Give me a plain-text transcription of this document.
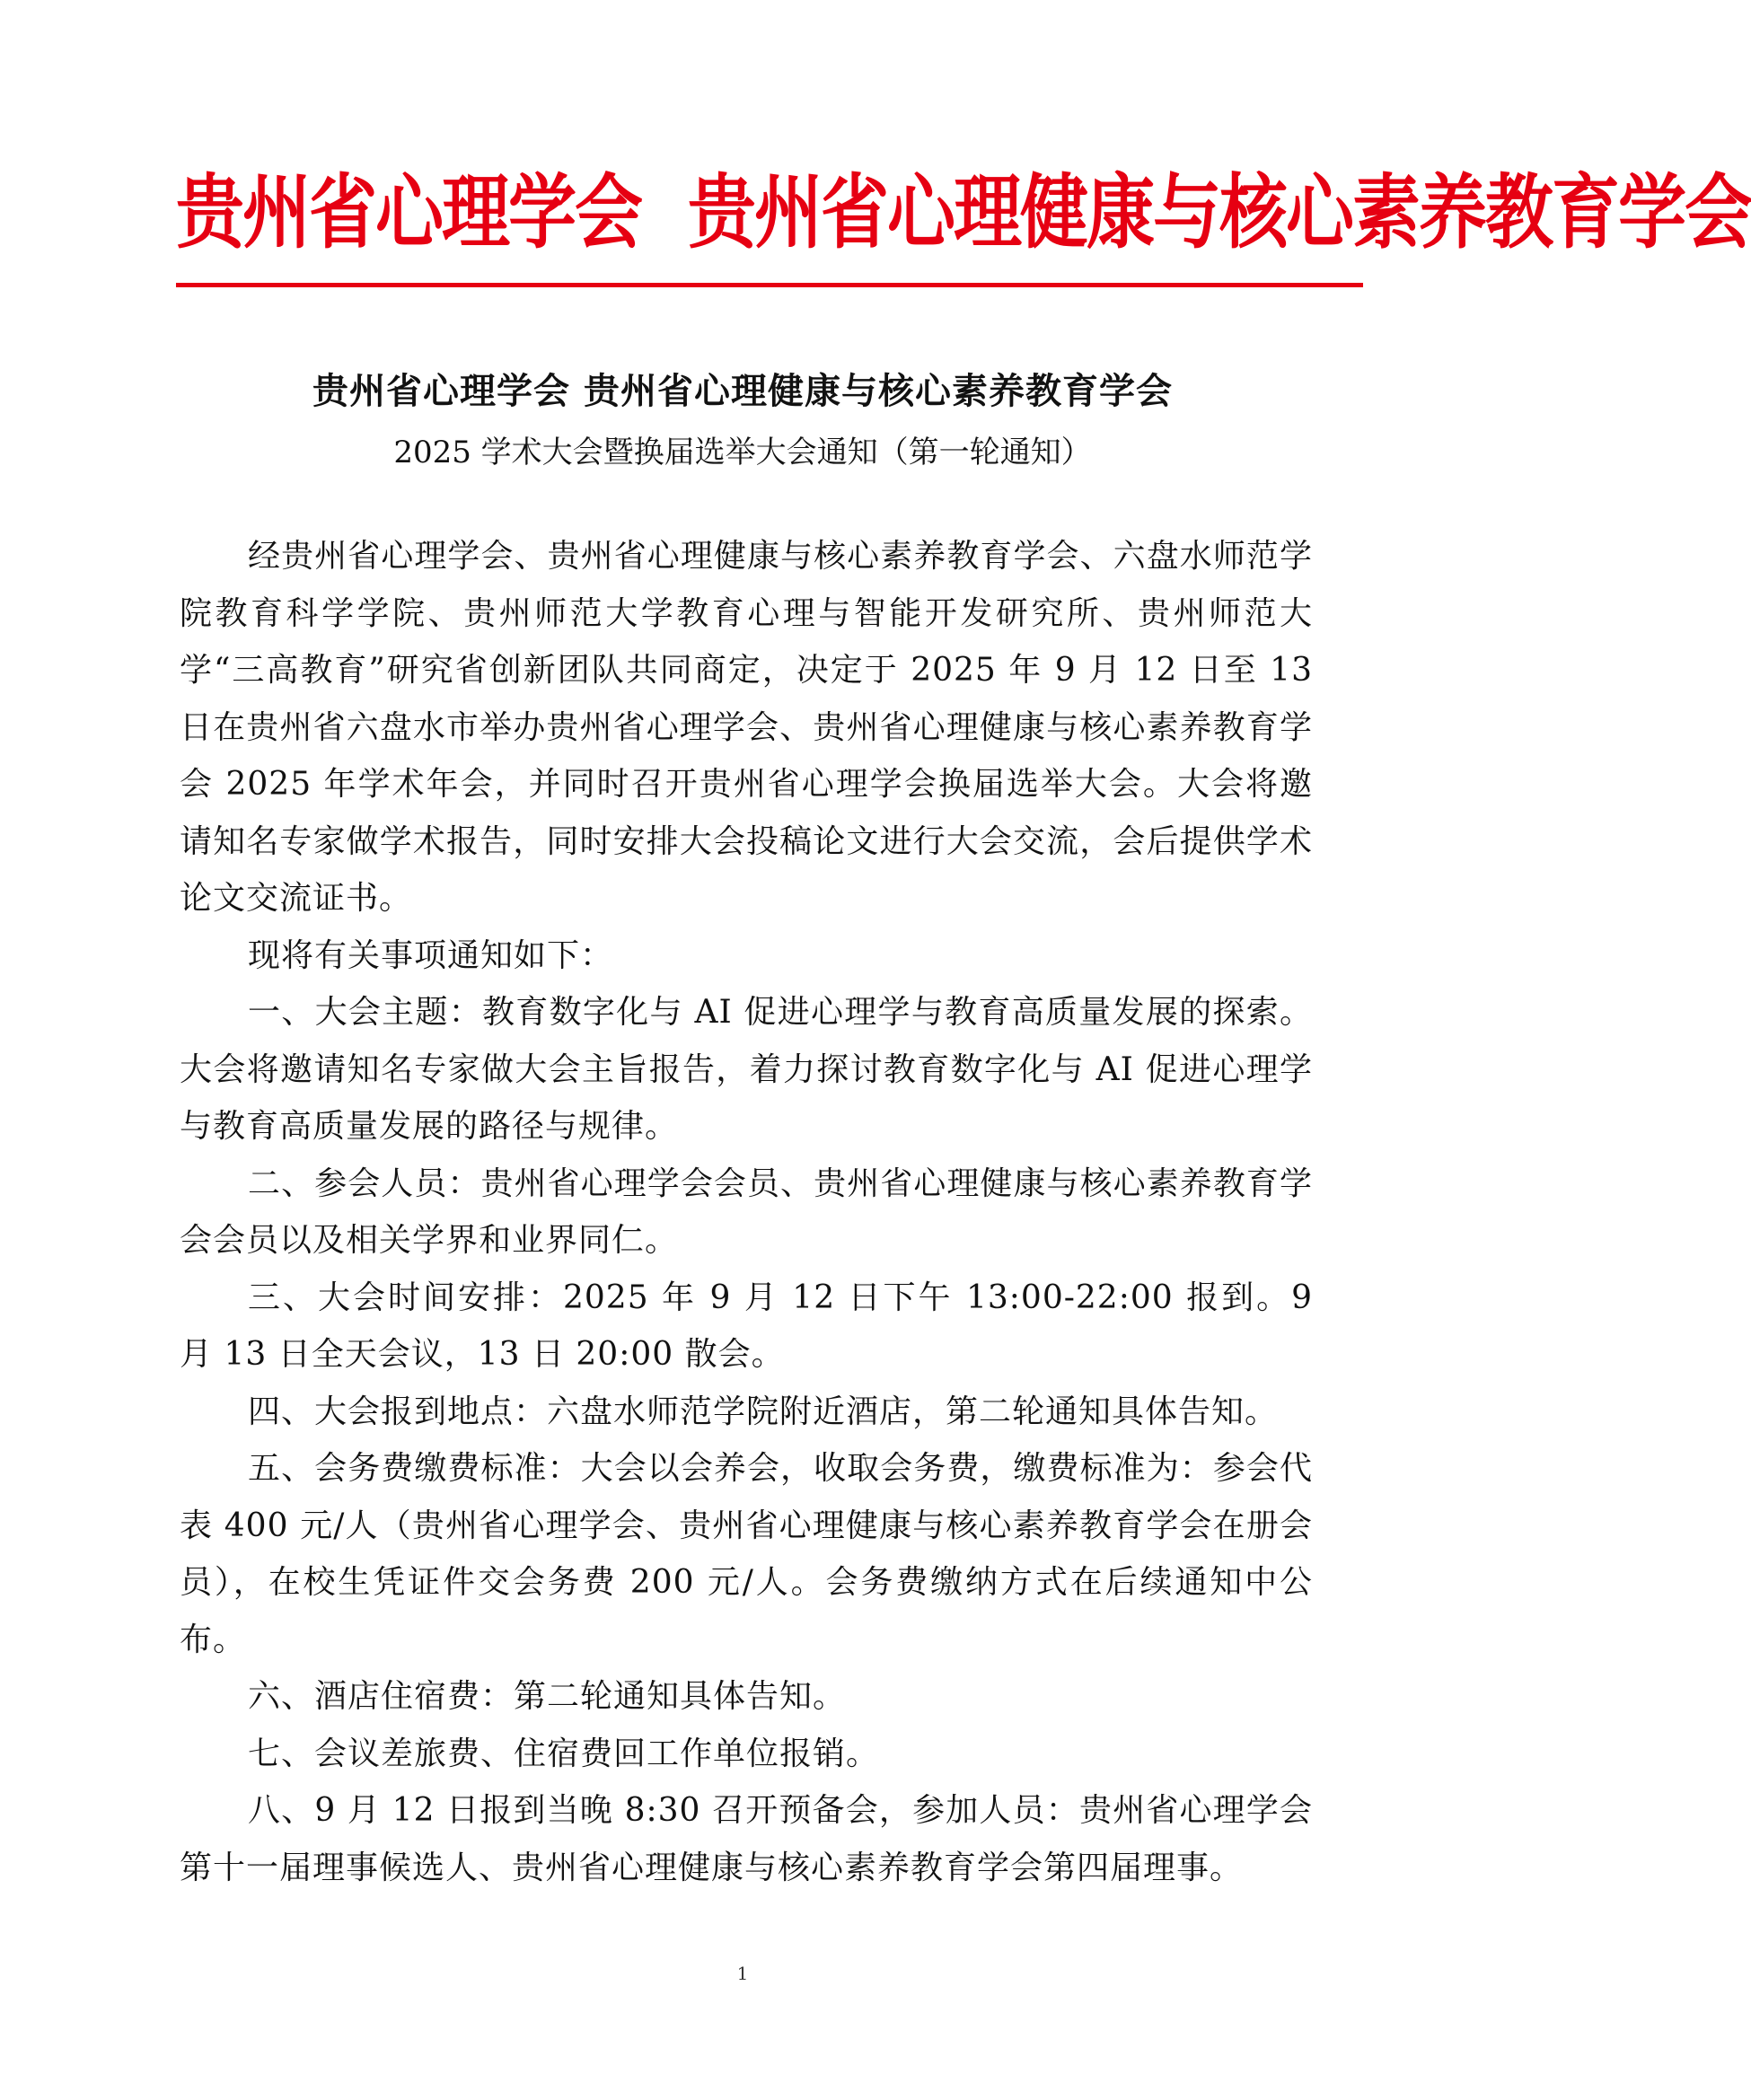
贵州省心理学会 贵州省心理健康与核心素养教育学会
贵州省心理学会 贵州省心理健康与核心素养教育学会
2025 学术大会暨换届选举大会通知（第一轮通知）

经贵州省心理学会、贵州省心理健康与核心素养教育学会、六盘水师范学院教育科学学院、贵州师范大学教育心理与智能开发研究所、贵州师范大学“三高教育”研究省创新团队共同商定，决定于 2025 年 9 月 12 日至 13 日在贵州省六盘水市举办贵州省心理学会、贵州省心理健康与核心素养教育学会 2025 年学术年会，并同时召开贵州省心理学会换届选举大会。大会将邀请知名专家做学术报告，同时安排大会投稿论文进行大会交流，会后提供学术论文交流证书。

现将有关事项通知如下：

一、大会主题：教育数字化与 AI 促进心理学与教育高质量发展的探索。大会将邀请知名专家做大会主旨报告，着力探讨教育数字化与 AI 促进心理学与教育高质量发展的路径与规律。

二、参会人员：贵州省心理学会会员、贵州省心理健康与核心素养教育学会会员以及相关学界和业界同仁。

三、大会时间安排：2025 年 9 月 12 日下午 13:00-22:00 报到。9 月 13 日全天会议，13 日 20:00 散会。

四、大会报到地点：六盘水师范学院附近酒店，第二轮通知具体告知。

五、会务费缴费标准：大会以会养会，收取会务费，缴费标准为：参会代表 400 元/人（贵州省心理学会、贵州省心理健康与核心素养教育学会在册会员），在校生凭证件交会务费 200 元/人。会务费缴纳方式在后续通知中公布。

六、酒店住宿费：第二轮通知具体告知。

七、会议差旅费、住宿费回工作单位报销。

八、9 月 12 日报到当晚 8:30 召开预备会，参加人员：贵州省心理学会第十一届理事候选人、贵州省心理健康与核心素养教育学会第四届理事。

1
